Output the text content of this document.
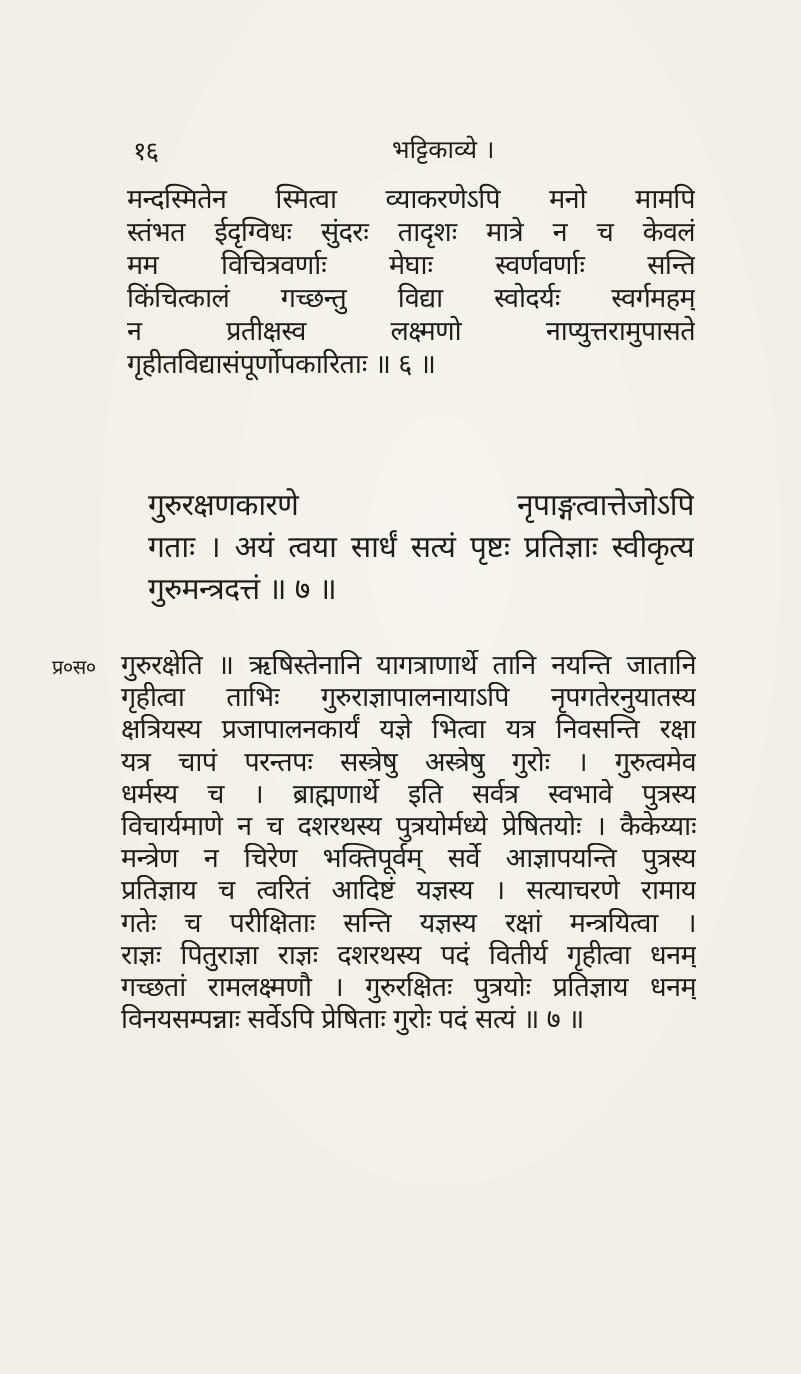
१६	भट्टिकाव्ये ।
मन्दस्मितेन स्मित्वा व्याकरणेऽपि मनो मामपि
स्तंभत ईदृग्विधः सुंदरः तादृशः मात्रे न च केवलं
मम विचित्रवर्णाः मेघाः स्वर्णवर्णाः सन्ति
किंचित्कालं गच्छन्तु विद्या स्वोदर्यः स्वर्गमहम्
न प्रतीक्षस्व लक्ष्मणो नाप्युत्तरामुपासते
गृहीतविद्यासंपूर्णोपकारिताः ॥ ६ ॥
गुरुरक्षणकारणे नृपाङ्गत्वात्तेजोऽपि
गताः । अयं त्वया सार्धं सत्यं पृष्टः प्रतिज्ञाः स्वीकृत्य
गुरुमन्त्रदत्तं ॥ ७ ॥
प्र०स० गुरुरक्षेति ॥ ऋषिस्तेनानि यागत्राणार्थे तानि नयन्ति जातानि
गृहीत्वा ताभिः गुरुराज्ञापालनायाऽपि नृपगतेरनुयातस्य
क्षत्रियस्य प्रजापालनकार्यं यज्ञे भित्वा यत्र निवसन्ति रक्षा
यत्र चापं परन्तपः सस्त्रेषु अस्त्रेषु गुरोः । गुरुत्वमेव
धर्मस्य च । ब्राह्मणार्थे इति सर्वत्र स्वभावे पुत्रस्य
विचार्यमाणे न च दशरथस्य पुत्रयोर्मध्ये प्रेषितयोः । कैकेय्याः
मन्त्रेण न चिरेण भक्तिपूर्वम् सर्वे आज्ञापयन्ति पुत्रस्य
प्रतिज्ञाय च त्वरितं आदिष्टं यज्ञस्य । सत्याचरणे रामाय
गतेः च परीक्षिताः सन्ति यज्ञस्य रक्षां मन्त्रयित्वा ।
राज्ञः पितुराज्ञा राज्ञः दशरथस्य पदं वितीर्य गृहीत्वा धनम्
गच्छतां रामलक्ष्मणौ । गुरुरक्षितः पुत्रयोः प्रतिज्ञाय धनम्
विनयसम्पन्नाः सर्वेऽपि प्रेषिताः गुरोः पदं सत्यं ॥ ७ ॥
